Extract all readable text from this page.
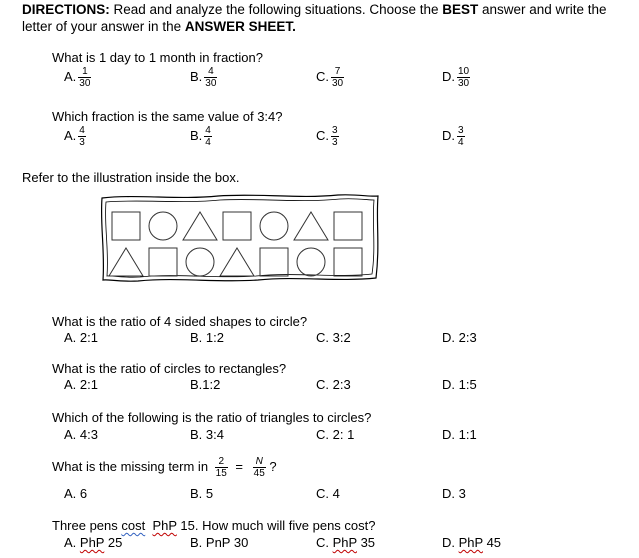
DIRECTIONS: Read and analyze the following situations. Choose the BEST answer and write the letter of your answer in the ANSWER SHEET.
What is 1 day to 1 month in fraction?
A. $\frac{1}{30}$	B. $\frac{4}{30}$	C. $\frac{7}{30}$	D. $\frac{10}{30}$
Which fraction is the same value of 3:4?
A. $\frac{4}{3}$	B. $\frac{4}{4}$	C. $\frac{3}{3}$	D. $\frac{3}{4}$
Refer to the illustration inside the box.
What is the ratio of 4 sided shapes to circle?
A. 2:1	B. 1:2	C. 3:2	D. 2:3
What is the ratio of circles to rectangles?
A. 2:1	B.1:2	C. 2:3	D. 1:5
Which of the following is the ratio of triangles to circles?
A. 4:3	B. 3:4	C. 2: 1	D. 1:1
What is the missing term in $\frac{2}{15} = \frac{N}{45}$ ?
A. 6	B. 5	C. 4	D. 3
Three pens cost PhP 15. How much will five pens cost?
A. PhP 25	B. PnP 30	C. PhP 35	D. PhP 45
